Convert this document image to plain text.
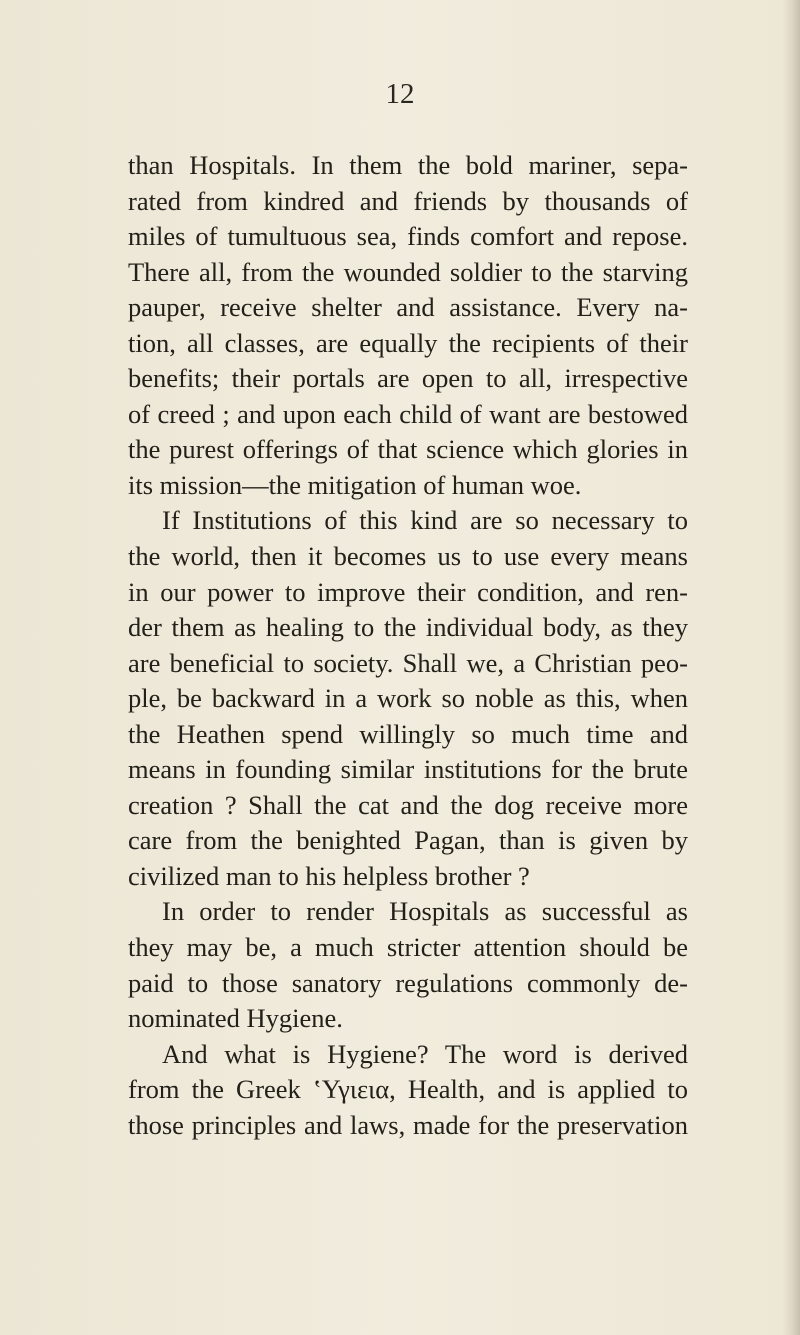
12
than Hospitals. In them the bold mariner, sepa-
rated from kindred and friends by thousands of
miles of tumultuous sea, finds comfort and repose.
There all, from the wounded soldier to the starving
pauper, receive shelter and assistance. Every na-
tion, all classes, are equally the recipients of their
benefits; their portals are open to all, irrespective
of creed ; and upon each child of want are bestowed
the purest offerings of that science which glories in
its mission—the mitigation of human woe.
If Institutions of this kind are so necessary to
the world, then it becomes us to use every means
in our power to improve their condition, and ren-
der them as healing to the individual body, as they
are beneficial to society. Shall we, a Christian peo-
ple, be backward in a work so noble as this, when
the Heathen spend willingly so much time and
means in founding similar institutions for the brute
creation ? Shall the cat and the dog receive more
care from the benighted Pagan, than is given by
civilized man to his helpless brother ?
In order to render Hospitals as successful as
they may be, a much stricter attention should be
paid to those sanatory regulations commonly de-
nominated Hygiene.
And what is Hygiene? The word is derived
from the Greek ʽΥγιεια, Health, and is applied to
those principles and laws, made for the preservation
